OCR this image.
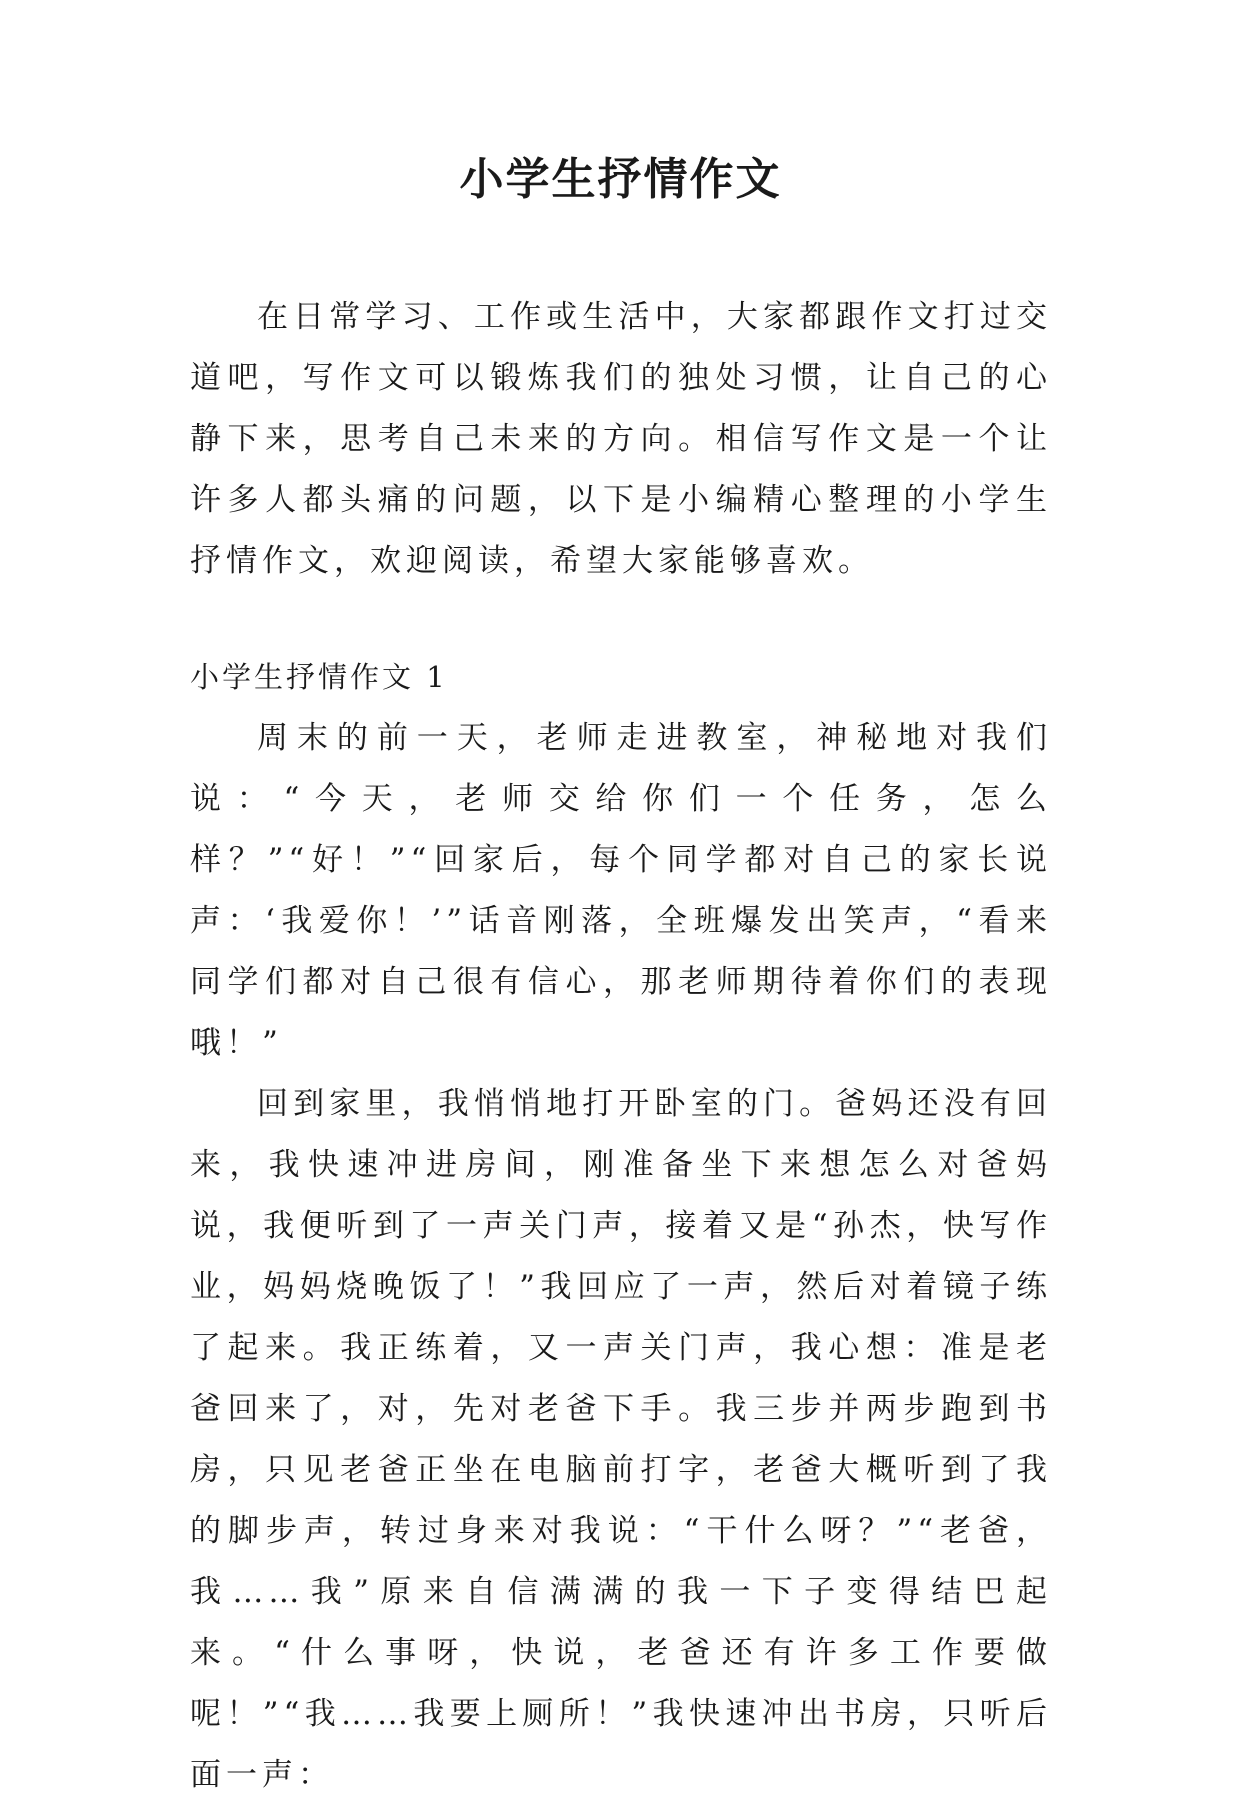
小学生抒情作文

在日常学习、工作或生活中，大家都跟作文打过交道吧，写作文可以锻炼我们的独处习惯，让自己的心静下来，思考自己未来的方向。相信写作文是一个让许多人都头痛的问题，以下是小编精心整理的小学生抒情作文，欢迎阅读，希望大家能够喜欢。

小学生抒情作文 1

周末的前一天，老师走进教室，神秘地对我们说：“今天，老师交给你们一个任务，怎么样？”“好！”“回家后，每个同学都对自己的家长说声：‘我爱你！’”话音刚落，全班爆发出笑声，“看来同学们都对自己很有信心，那老师期待着你们的表现哦！”

回到家里，我悄悄地打开卧室的门。爸妈还没有回来，我快速冲进房间，刚准备坐下来想怎么对爸妈说，我便听到了一声关门声，接着又是“孙杰，快写作业，妈妈烧晚饭了！”我回应了一声，然后对着镜子练了起来。我正练着，又一声关门声，我心想：准是老爸回来了，对，先对老爸下手。我三步并两步跑到书房，只见老爸正坐在电脑前打字，老爸大概听到了我的脚步声，转过身来对我说：“干什么呀？”“老爸，我……我”原来自信满满的我一下子变得结巴起来。“什么事呀，快说，老爸还有许多工作要做呢！”“我……我要上厕所！”我快速冲出书房，只听后面一声：
